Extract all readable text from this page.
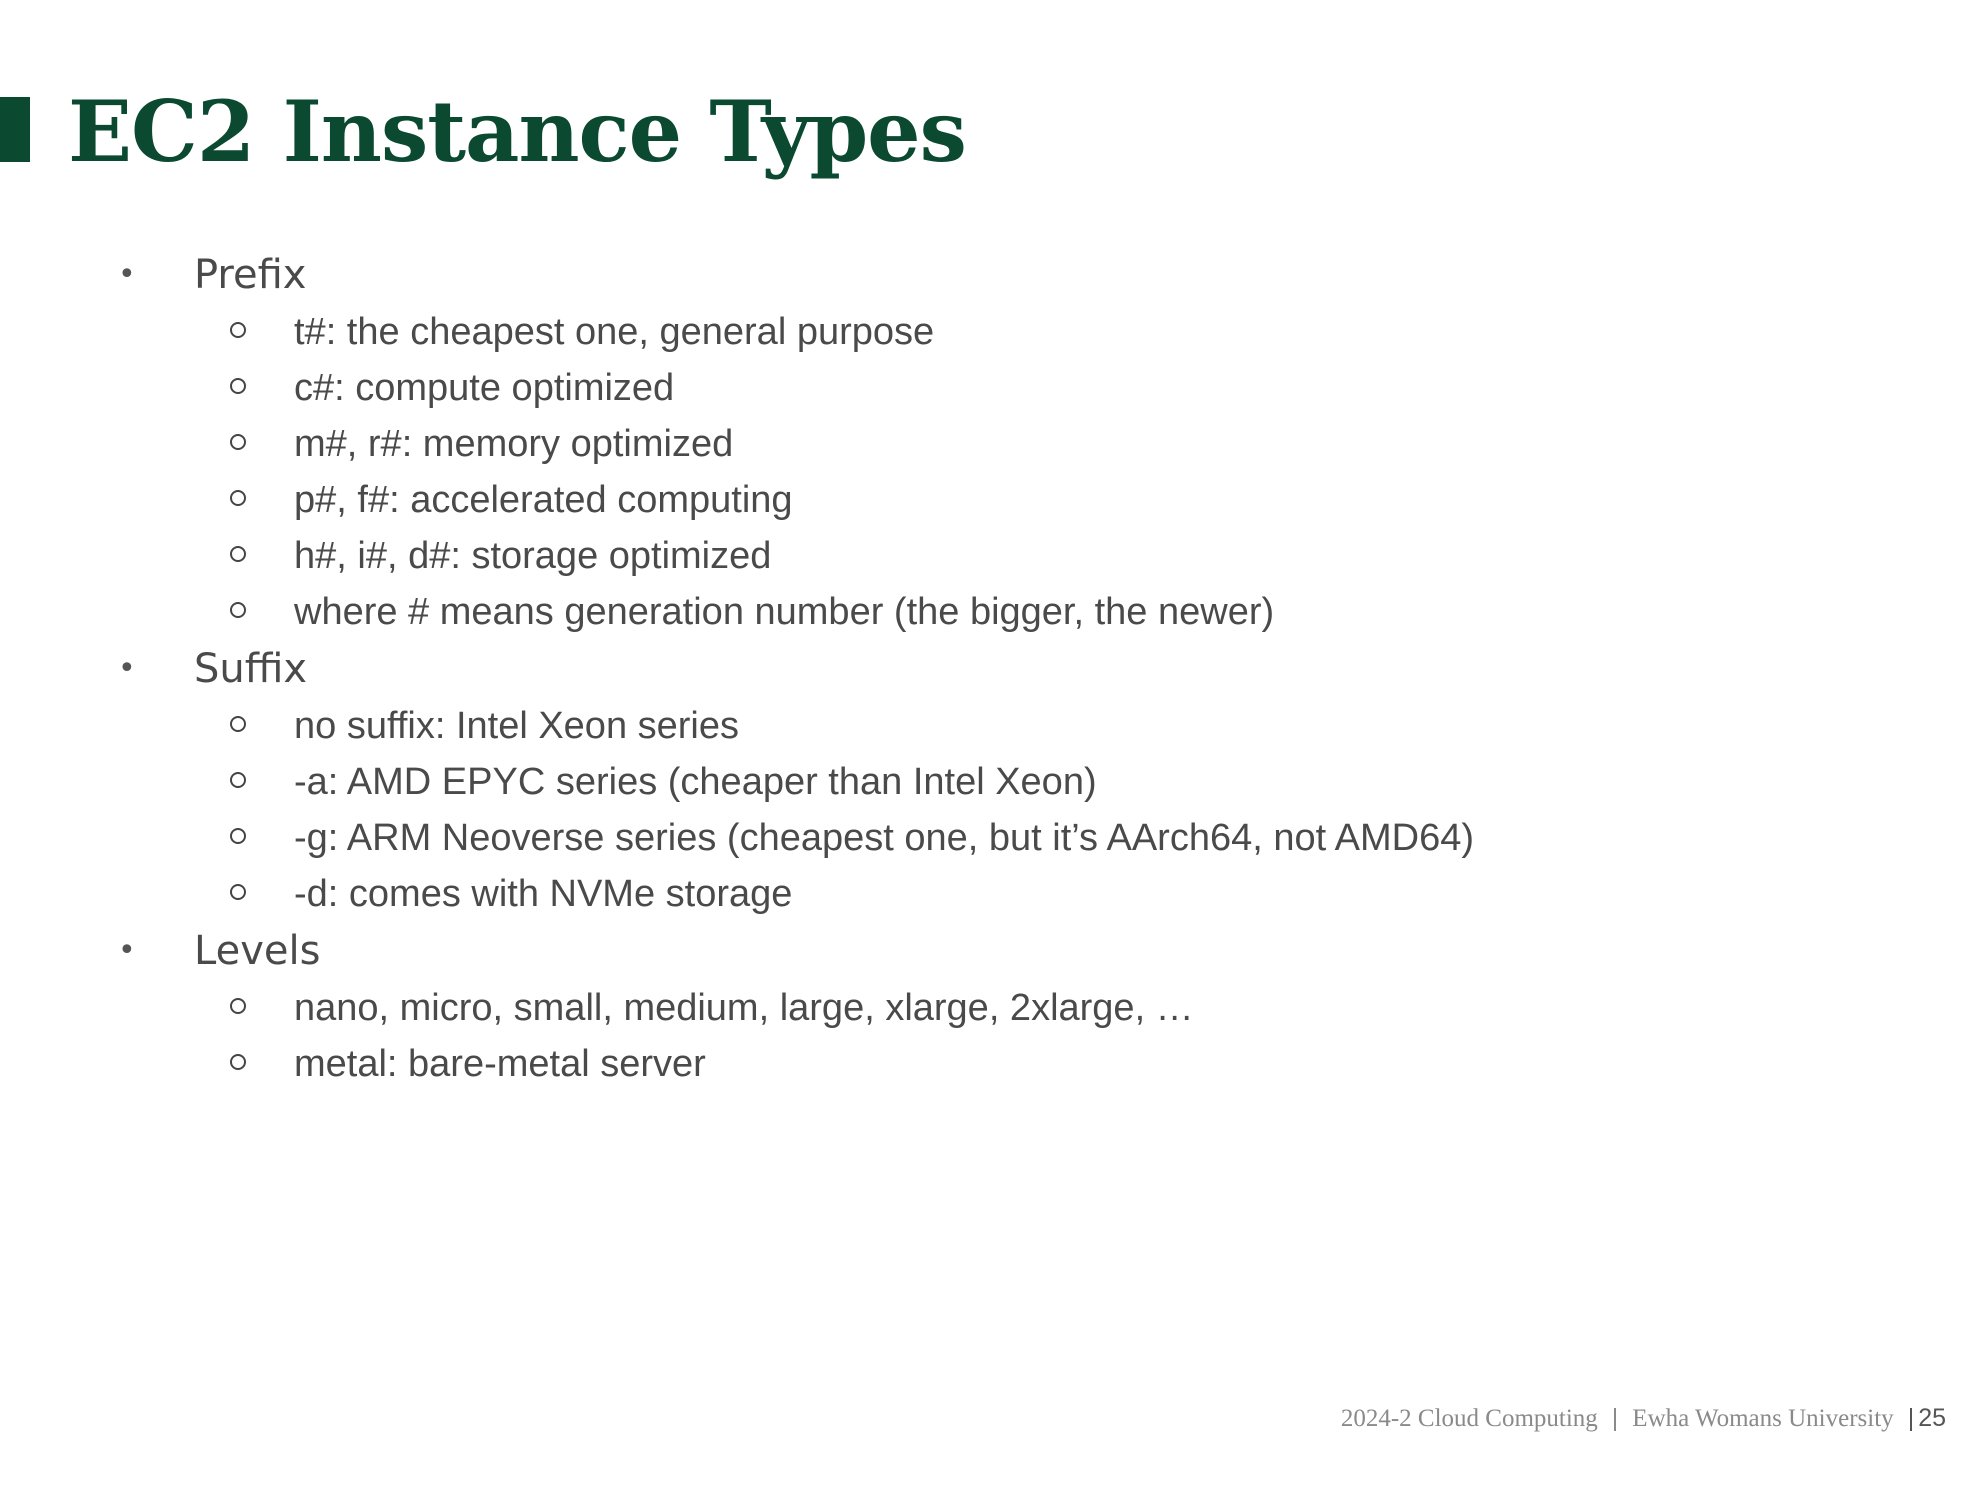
EC2 Instance Types
• Prefix
t#: the cheapest one, general purpose
c#: compute optimized
m#, r#: memory optimized
p#, f#: accelerated computing
h#, i#, d#: storage optimized
where # means generation number (the bigger, the newer)
• Suffix
no suffix: Intel Xeon series
-a: AMD EPYC series (cheaper than Intel Xeon)
-g: ARM Neoverse series (cheapest one, but it’s AArch64, not AMD64)
-d: comes with NVMe storage
• Levels
nano, micro, small, medium, large, xlarge, 2xlarge, …
metal: bare-metal server
2024-2 Cloud Computing | Ewha Womans University | 25
